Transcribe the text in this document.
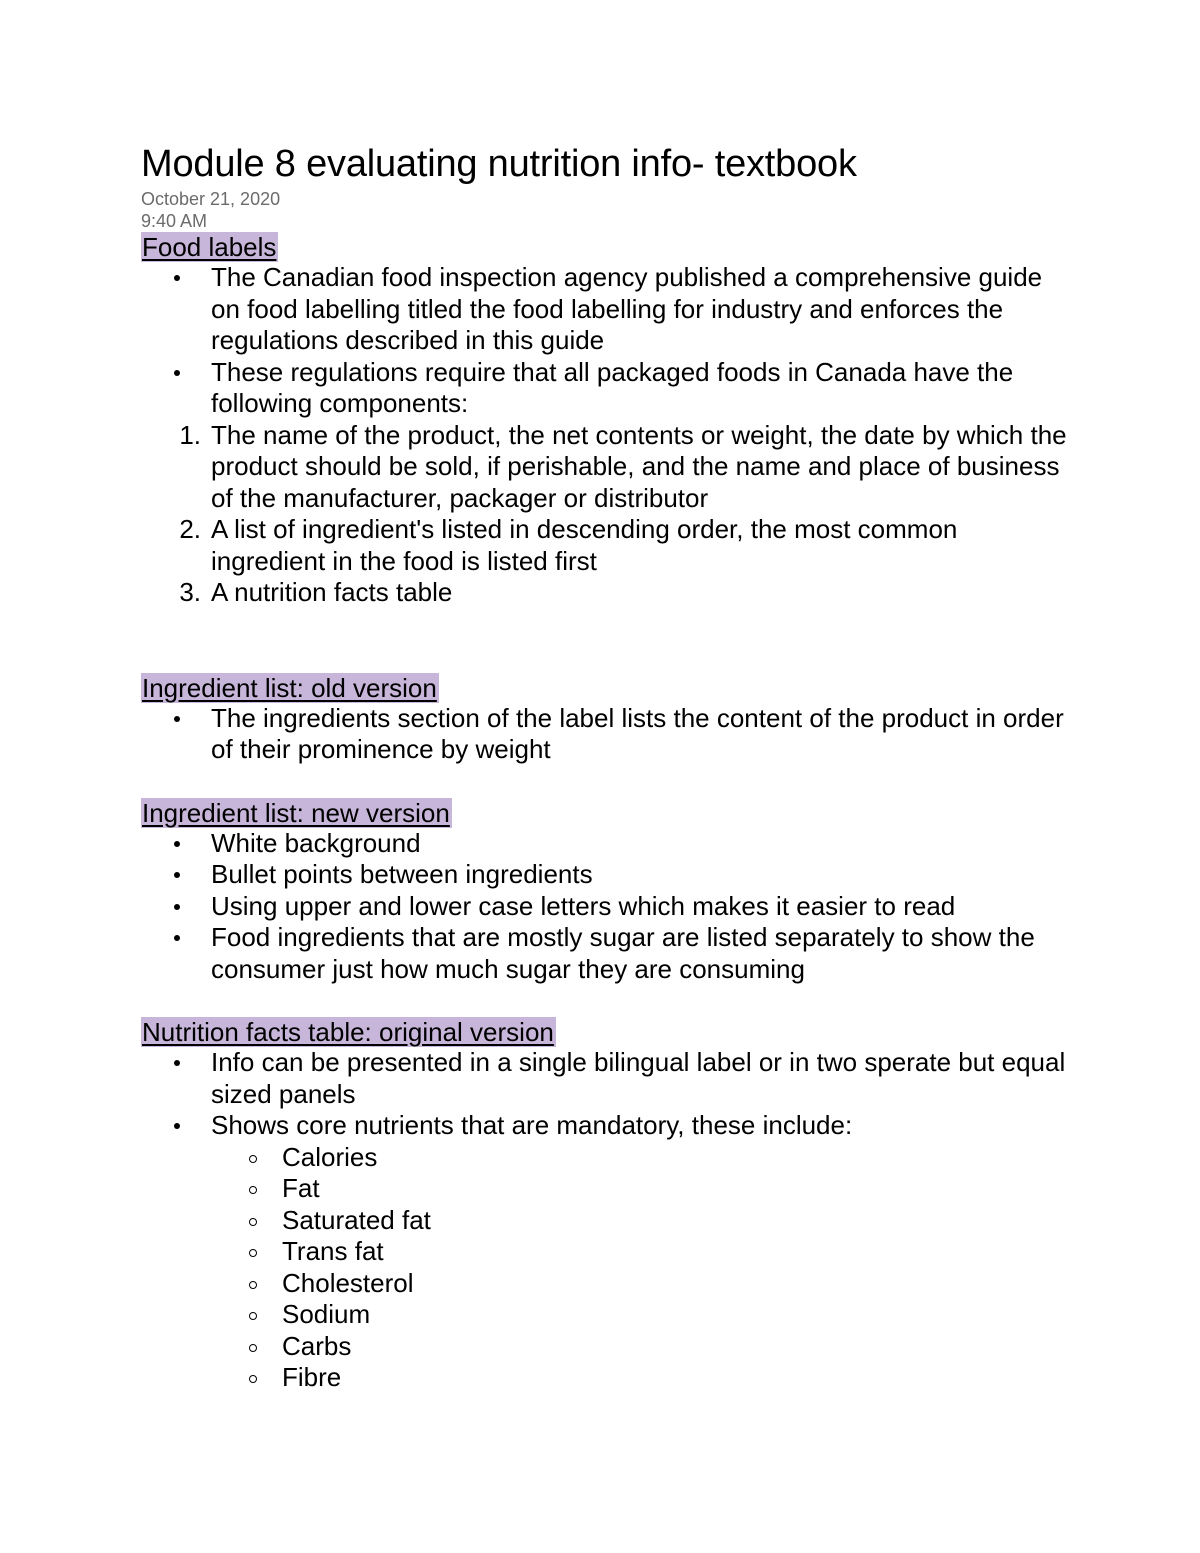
Module 8 evaluating nutrition info- textbook
October 21, 2020
9:40 AM
Food labels
The Canadian food inspection agency published a comprehensive guide on food labelling titled the food labelling for industry and enforces the regulations described in this guide
These regulations require that all packaged foods in Canada have the following components:
1. The name of the product, the net contents or weight, the date by which the product should be sold, if perishable, and the name and place of business of the manufacturer, packager or distributor
2. A list of ingredient's listed in descending order, the most common ingredient in the food is listed first
3. A nutrition facts table
Ingredient list: old version
The ingredients section of the label lists the content of the product in order of their prominence by weight
Ingredient list: new version
White background
Bullet points between ingredients
Using upper and lower case letters which makes it easier to read
Food ingredients that are mostly sugar are listed separately to show the consumer just how much sugar they are consuming
Nutrition facts table: original version
Info can be presented in a single bilingual label or in two sperate but equal sized panels
Shows core nutrients that are mandatory, these include:
Calories
Fat
Saturated fat
Trans fat
Cholesterol
Sodium
Carbs
Fibre
